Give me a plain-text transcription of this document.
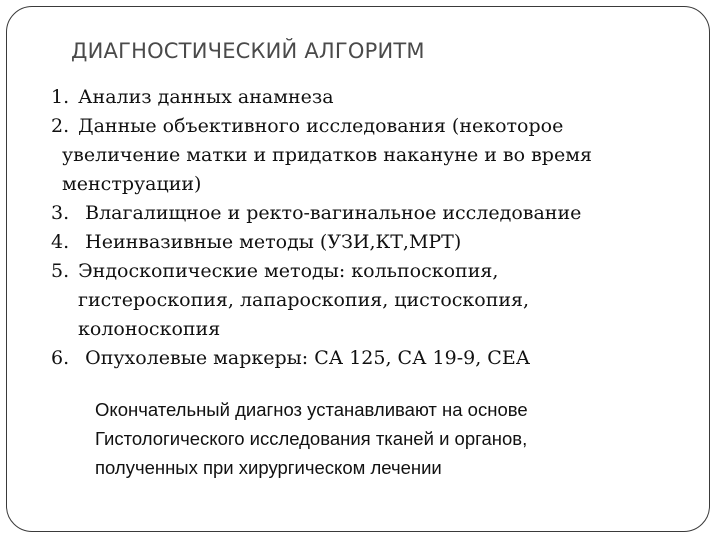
ДИАГНОСТИЧЕСКИЙ АЛГОРИТМ
1. Анализ данных анамнеза
2. Данные объективного исследования (некоторое
увеличение матки и придатков накануне и во время
менструации)
3. Влагалищное и ректо-вагинальное исследование
4. Неинвазивные методы (УЗИ,КТ,МРТ)
5. Эндоскопические методы: кольпоскопия,
гистероскопия, лапароскопия, цистоскопия,
колоноскопия
6. Опухолевые маркеры: СА 125, СА 19-9, СЕА
Окончательный диагноз устанавливают на основе
Гистологического исследования тканей и органов,
полученных при хирургическом лечении
